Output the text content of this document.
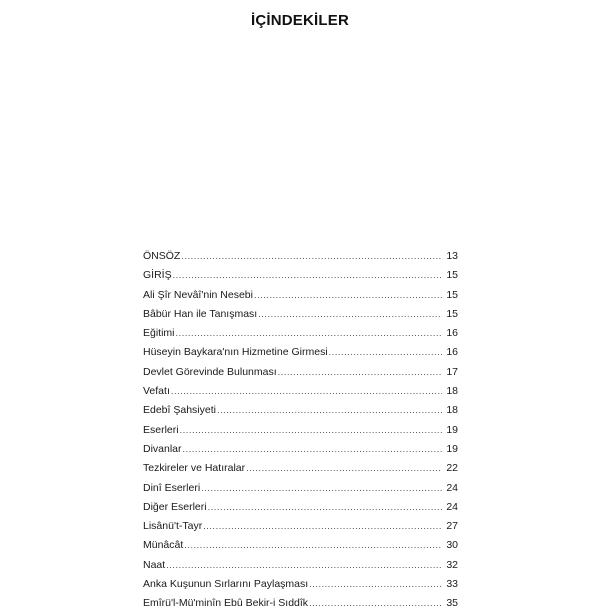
İÇİNDEKİLER
ÖNSÖZ .....	13
GİRİŞ .....	15
Ali Şîr Nevâî'nin Nesebi .....	15
Bâbür Han ile Tanışması .....	15
Eğitimi .....	16
Hüseyin Baykara'nın Hizmetine Girmesi .....	16
Devlet Görevinde Bulunması .....	17
Vefatı .....	18
Edebî Şahsiyeti .....	18
Eserleri .....	19
Divanlar .....	19
Tezkireler ve Hatıralar .....	22
Dinî Eserleri .....	24
Diğer Eserleri .....	24
Lisânü't-Tayr .....	27
Münâcât .....	30
Naat .....	32
Anka Kuşunun Sırlarını Paylaşması .....	33
Emîrü'l-Mü'minîn Ebû Bekir-i Sıddîk .....	35
